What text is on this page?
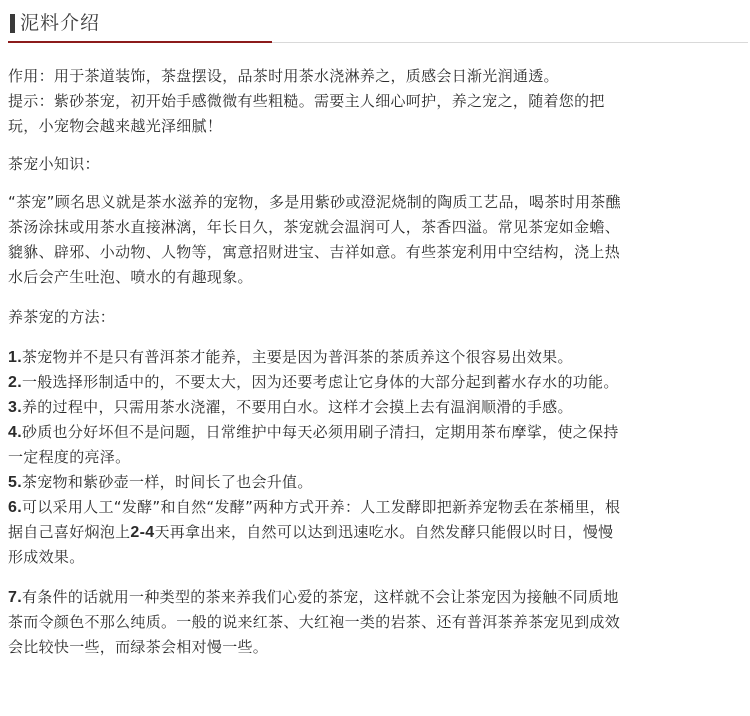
泥料介绍

作用：用于茶道装饰，茶盘摆设，品茶时用茶水浇淋养之，质感会日渐光润通透。

提示：紫砂茶宠，初开始手感微微有些粗糙。需要主人细心呵护，养之宠之，随着您的把

玩，小宠物会越来越光泽细腻！

茶宠小知识：

“茶宠”顾名思义就是茶水滋养的宠物，多是用紫砂或澄泥烧制的陶质工艺品，喝茶时用茶醮

茶汤涂抹或用茶水直接淋漓，年长日久，茶宠就会温润可人，茶香四溢。常见茶宠如金蟾、

貔貅、辟邪、小动物、人物等，寓意招财进宝、吉祥如意。有些茶宠利用中空结构，浇上热

水后会产生吐泡、喷水的有趣现象。

养茶宠的方法：

1.茶宠物并不是只有普洱茶才能养，主要是因为普洱茶的茶质养这个很容易出效果。

2.一般选择形制适中的，不要太大，因为还要考虑让它身体的大部分起到蓄水存水的功能。

3.养的过程中，只需用茶水浇濯，不要用白水。这样才会摸上去有温润顺滑的手感。

4.砂质也分好坏但不是问题，日常维护中每天必须用刷子清扫，定期用茶布摩挲，使之保持

一定程度的亮泽。

5.茶宠物和紫砂壶一样，时间长了也会升值。

6.可以采用人工“发酵”和自然“发酵”两种方式开养：人工发酵即把新养宠物丢在茶桶里，根

据自己喜好焖泡上2-4天再拿出来，自然可以达到迅速吃水。自然发酵只能假以时日，慢慢

形成效果。

7.有条件的话就用一种类型的茶来养我们心爱的茶宠，这样就不会让茶宠因为接触不同质地

茶而令颜色不那么纯质。一般的说来红茶、大红袍一类的岩茶、还有普洱茶养茶宠见到成效

会比较快一些，而绿茶会相对慢一些。
